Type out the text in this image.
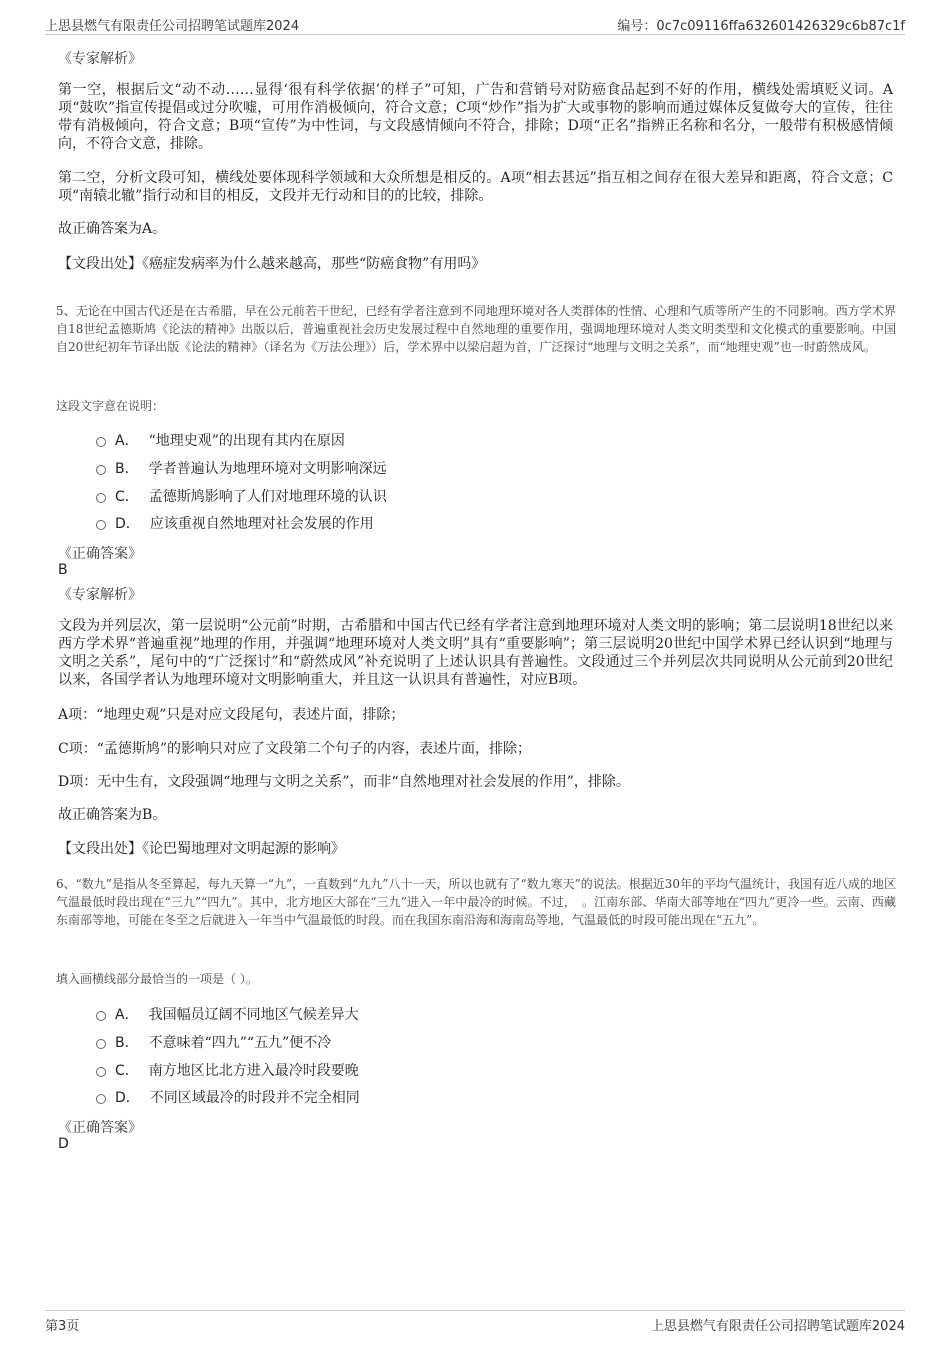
上思县燃气有限责任公司招聘笔试题库2024	编号：0c7c09116ffa632601426329c6b87c1f
《专家解析》

第一空，根据后文“动不动……显得‘很有科学依据’的样子”可知，广告和营销号对防癌食品起到不好的作用，横线处需填贬义词。A项“鼓吹”指宣传提倡或过分吹嘘，可用作消极倾向，符合文意；C项“炒作”指为扩大或事物的影响而通过媒体反复做夸大的宣传，往往带有消极倾向，符合文意；B项“宣传”为中性词，与文段感情倾向不符合，排除；D项“正名”指辨正名称和名分，一般带有积极感情倾向，不符合文意，排除。

第二空，分析文段可知，横线处要体现科学领域和大众所想是相反的。A项“相去甚远”指互相之间存在很大差异和距离，符合文意；C项“南辕北辙”指行动和目的相反，文段并无行动和目的的比较，排除。

故正确答案为A。

【文段出处】《癌症发病率为什么越来越高，那些“防癌食物”有用吗》

5、无论在中国古代还是在古希腊，早在公元前若干世纪，已经有学者注意到不同地理环境对各人类群体的性情、心理和气质等所产生的不同影响。西方学术界自18世纪孟德斯鸠《论法的精神》出版以后，普遍重视社会历史发展过程中自然地理的重要作用，强调地理环境对人类文明类型和文化模式的重要影响。中国自20世纪初年节译出版《论法的精神》（译名为《万法公理》）后，学术界中以梁启超为首，广泛探讨“地理与文明之关系”，而“地理史观”也一时蔚然成风。

这段文字意在说明：
A． “地理史观”的出现有其内在原因
B． 学者普遍认为地理环境对文明影响深远
C． 孟德斯鸠影响了人们对地理环境的认识
D． 应该重视自然地理对社会发展的作用
《正确答案》
B
《专家解析》

文段为并列层次，第一层说明“公元前”时期，古希腊和中国古代已经有学者注意到地理环境对人类文明的影响；第二层说明18世纪以来西方学术界“普遍重视”地理的作用，并强调“地理环境对人类文明”具有“重要影响”；第三层说明20世纪中国学术界已经认识到“地理与文明之关系”，尾句中的“广泛探讨”和“蔚然成风”补充说明了上述认识具有普遍性。文段通过三个并列层次共同说明从公元前到20世纪以来，各国学者认为地理环境对文明影响重大，并且这一认识具有普遍性，对应B项。

A项：“地理史观”只是对应文段尾句，表述片面，排除；

C项：“孟德斯鸠”的影响只对应了文段第二个句子的内容，表述片面，排除；

D项：无中生有，文段强调“地理与文明之关系”，而非“自然地理对社会发展的作用”，排除。

故正确答案为B。

【文段出处】《论巴蜀地理对文明起源的影响》

6、“数九”是指从冬至算起，每九天算一“九”，一直数到“九九”八十一天，所以也就有了“数九寒天”的说法。根据近30年的平均气温统计，我国有近八成的地区气温最低时段出现在“三九”“四九”。其中，北方地区大部在“三九”进入一年中最冷的时候。不过，　。江南东部、华南大部等地在“四九”更冷一些。云南、西藏东南部等地，可能在冬至之后就进入一年当中气温最低的时段。而在我国东南沿海和海南岛等地，气温最低的时段可能出现在“五九”。

填入画横线部分最恰当的一项是（ ）。
A． 我国幅员辽阔不同地区气候差异大
B． 不意味着“四九”“五九”便不冷
C． 南方地区比北方进入最冷时段要晚
D． 不同区域最冷的时段并不完全相同
《正确答案》
D
第3页	上思县燃气有限责任公司招聘笔试题库2024
